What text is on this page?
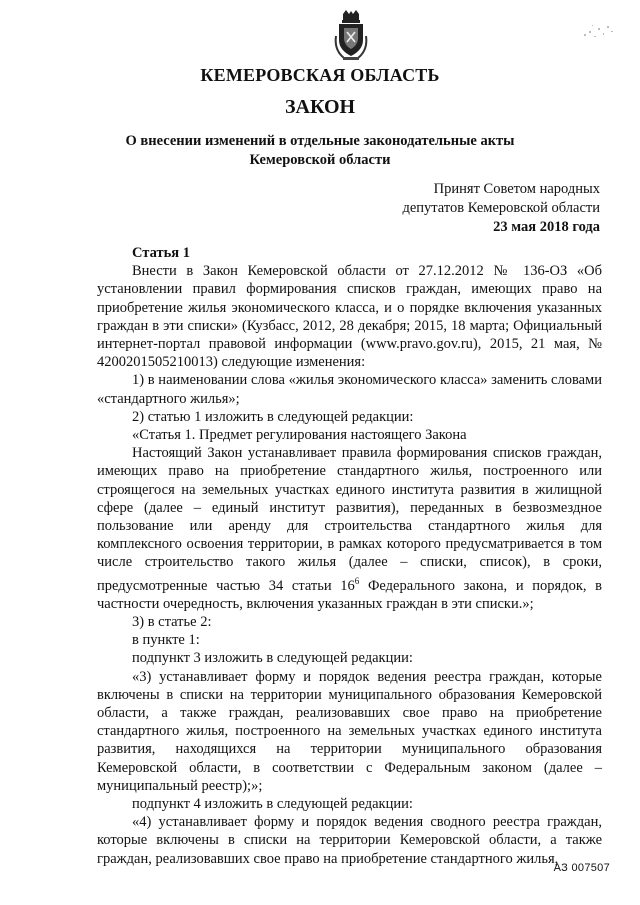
КЕМЕРОВСКАЯ ОБЛАСТЬ
ЗАКОН
О внесении изменений в отдельные законодательные акты
Кемеровской области
Принят Советом народных
депутатов Кемеровской области
23 мая 2018 года

Статья 1

Внести в Закон Кемеровской области от 27.12.2012 № 136-ОЗ «Об установлении правил формирования списков граждан, имеющих право на приобретение жилья экономического класса, и о порядке включения указанных граждан в эти списки» (Кузбасс, 2012, 28 декабря; 2015, 18 марта; Официальный интернет-портал правовой информации (www.pravo.gov.ru), 2015, 21 мая, № 4200201505210013) следующие изменения:

1) в наименовании слова «жилья экономического класса» заменить словами «стандартного жилья»;

2) статью 1 изложить в следующей редакции:

«Статья 1. Предмет регулирования настоящего Закона

Настоящий Закон устанавливает правила формирования списков граждан, имеющих право на приобретение стандартного жилья, построенного или строящегося на земельных участках единого института развития в жилищной сфере (далее – единый институт развития), переданных в безвозмездное пользование или аренду для строительства стандартного жилья для комплексного освоения территории, в рамках которого предусматривается в том числе строительство такого жилья (далее – списки, список), в сроки, предусмотренные частью 34 статьи $16^6$ Федерального закона, и порядок, в частности очередность, включения указанных граждан в эти списки.»;

3) в статье 2:

в пункте 1:

подпункт 3 изложить в следующей редакции:

«3) устанавливает форму и порядок ведения реестра граждан, которые включены в списки на территории муниципального образования Кемеровской области, а также граждан, реализовавших свое право на приобретение стандартного жилья, построенного на земельных участках единого института развития, находящихся на территории муниципального образования Кемеровской области, в соответствии с Федеральным законом (далее – муниципальный реестр);»;

подпункт 4 изложить в следующей редакции:

«4) устанавливает форму и порядок ведения сводного реестра граждан, которые включены в списки на территории Кемеровской области, а также граждан, реализовавших свое право на приобретение стандартного жилья,

АЗ 007507
